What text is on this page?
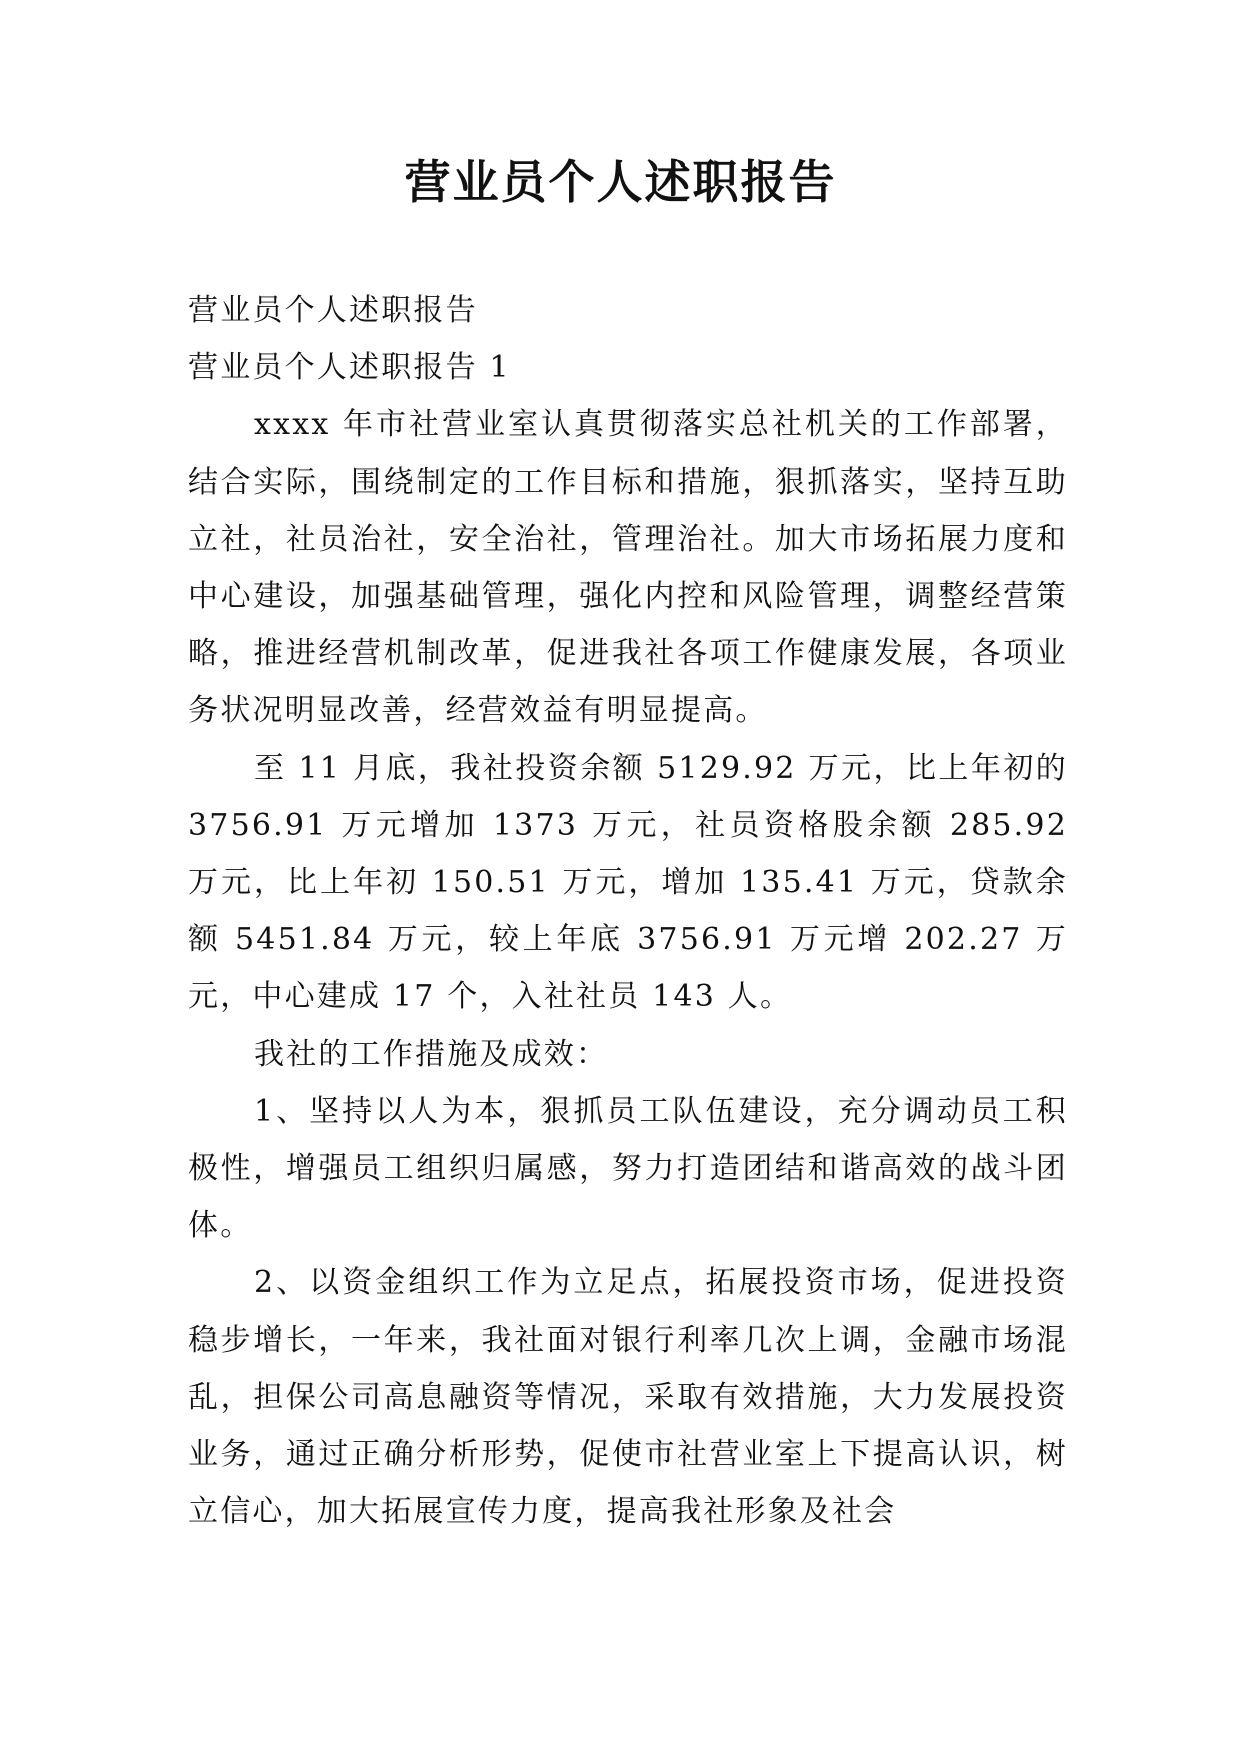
营业员个人述职报告

营业员个人述职报告

营业员个人述职报告 1

xxxx 年市社营业室认真贯彻落实总社机关的工作部署，结合实际，围绕制定的工作目标和措施，狠抓落实，坚持互助立社，社员治社，安全治社，管理治社。加大市场拓展力度和中心建设，加强基础管理，强化内控和风险管理，调整经营策略，推进经营机制改革，促进我社各项工作健康发展，各项业务状况明显改善，经营效益有明显提高。

至 11 月底，我社投资余额 5129.92 万元，比上年初的 3756.91 万元增加 1373 万元，社员资格股余额 285.92 万元，比上年初 150.51 万元，增加 135.41 万元，贷款余额 5451.84 万元，较上年底 3756.91 万元增 202.27 万元，中心建成 17 个，入社社员 143 人。

我社的工作措施及成效：

1、坚持以人为本，狠抓员工队伍建设，充分调动员工积极性，增强员工组织归属感，努力打造团结和谐高效的战斗团体。

2、以资金组织工作为立足点，拓展投资市场，促进投资稳步增长，一年来，我社面对银行利率几次上调，金融市场混乱，担保公司高息融资等情况，采取有效措施，大力发展投资业务，通过正确分析形势，促使市社营业室上下提高认识，树立信心，加大拓展宣传力度，提高我社形象及社会
